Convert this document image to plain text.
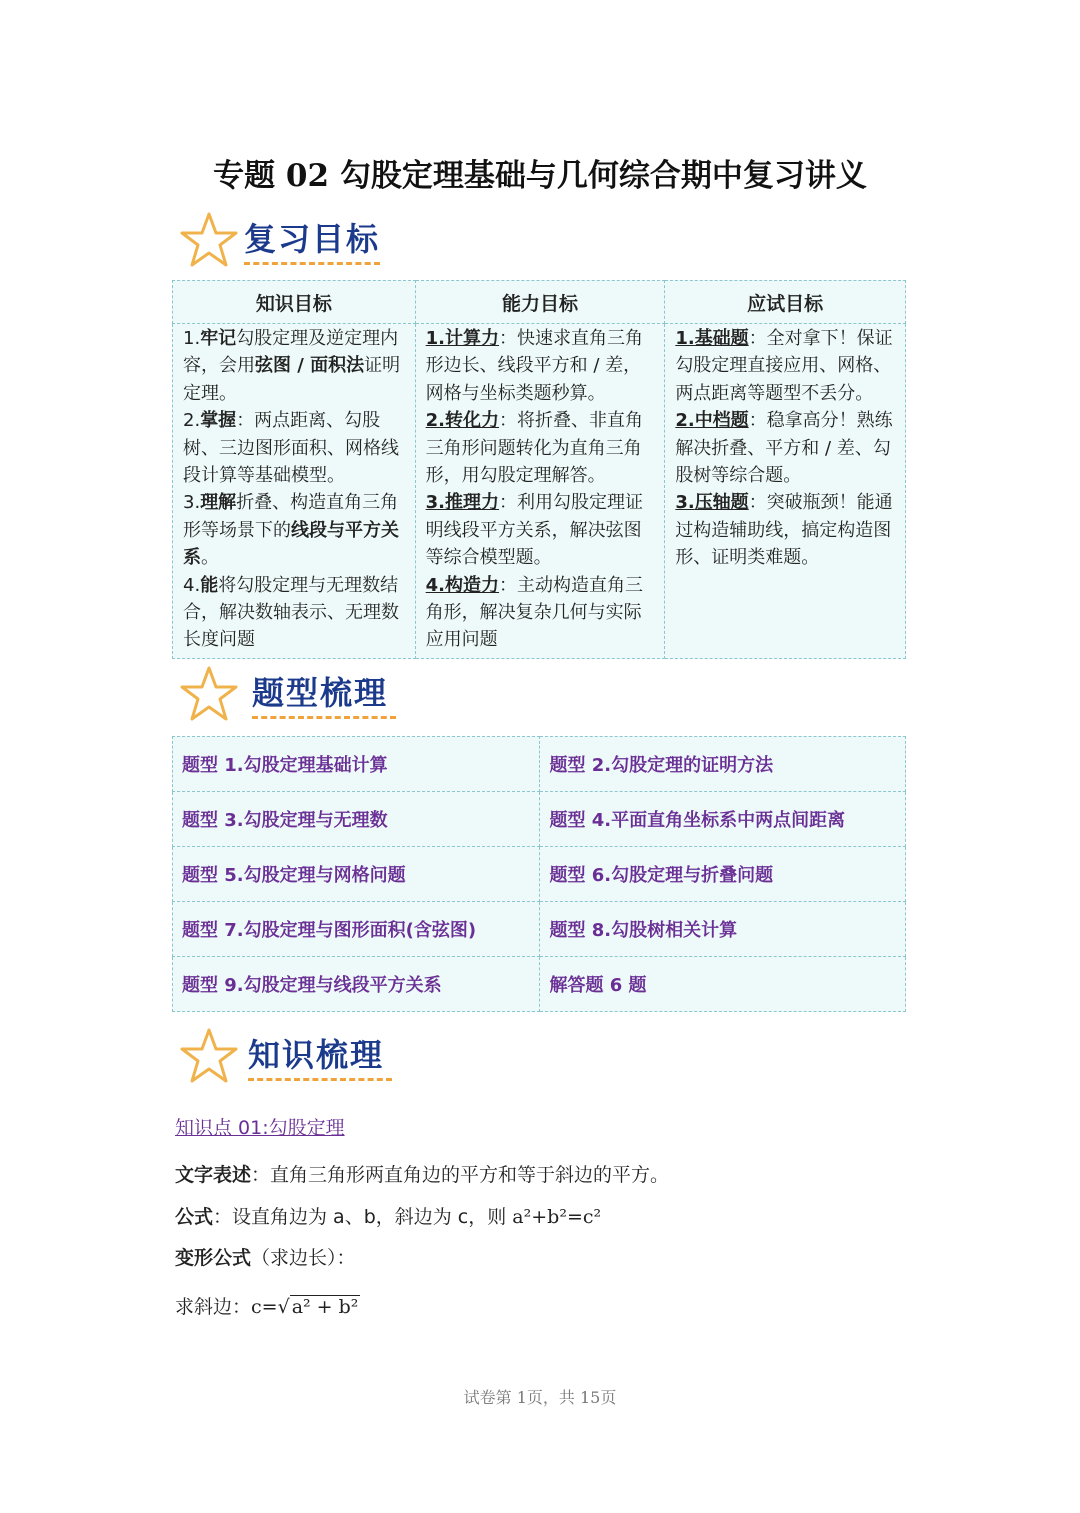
专题 02 勾股定理基础与几何综合期中复习讲义
复习目标
知识目标	能力目标	应试目标

1.牢记勾股定理及逆定理内容，会用弦图 / 面积法证明定理。
2.掌握：两点距离、勾股树、三边图形面积、网格线段计算等基础模型。
3.理解折叠、构造直角三角形等场景下的线段与平方关系。
4.能将勾股定理与无理数结合，解决数轴表示、无理数长度问题	1.计算力：快速求直角三角形边长、线段平方和 / 差，网格与坐标类题秒算。
2.转化力：将折叠、非直角三角形问题转化为直角三角形，用勾股定理解答。
3.推理力：利用勾股定理证明线段平方关系，解决弦图等综合模型题。
4.构造力：主动构造直角三角形，解决复杂几何与实际应用问题	1.基础题：全对拿下！保证勾股定理直接应用、网格、两点距离等题型不丢分。
2.中档题：稳拿高分！熟练解决折叠、平方和 / 差、勾股树等综合题。
3.压轴题：突破瓶颈！能通过构造辅助线，搞定构造图形、证明类难题。
题型梳理
题型 1.勾股定理基础计算	题型 2.勾股定理的证明方法
题型 3.勾股定理与无理数	题型 4.平面直角坐标系中两点间距离
题型 5.勾股定理与网格问题	题型 6.勾股定理与折叠问题
题型 7.勾股定理与图形面积(含弦图)	题型 8.勾股树相关计算
题型 9.勾股定理与线段平方关系	解答题 6 题
知识梳理
知识点 01:勾股定理
文字表述：直角三角形两直角边的平方和等于斜边的平方。
公式：设直角边为 a、b，斜边为 c，则 a²+b²=c²
变形公式（求边长）：
求斜边：c=√ a² + b²
试卷第 1页，共 15页
